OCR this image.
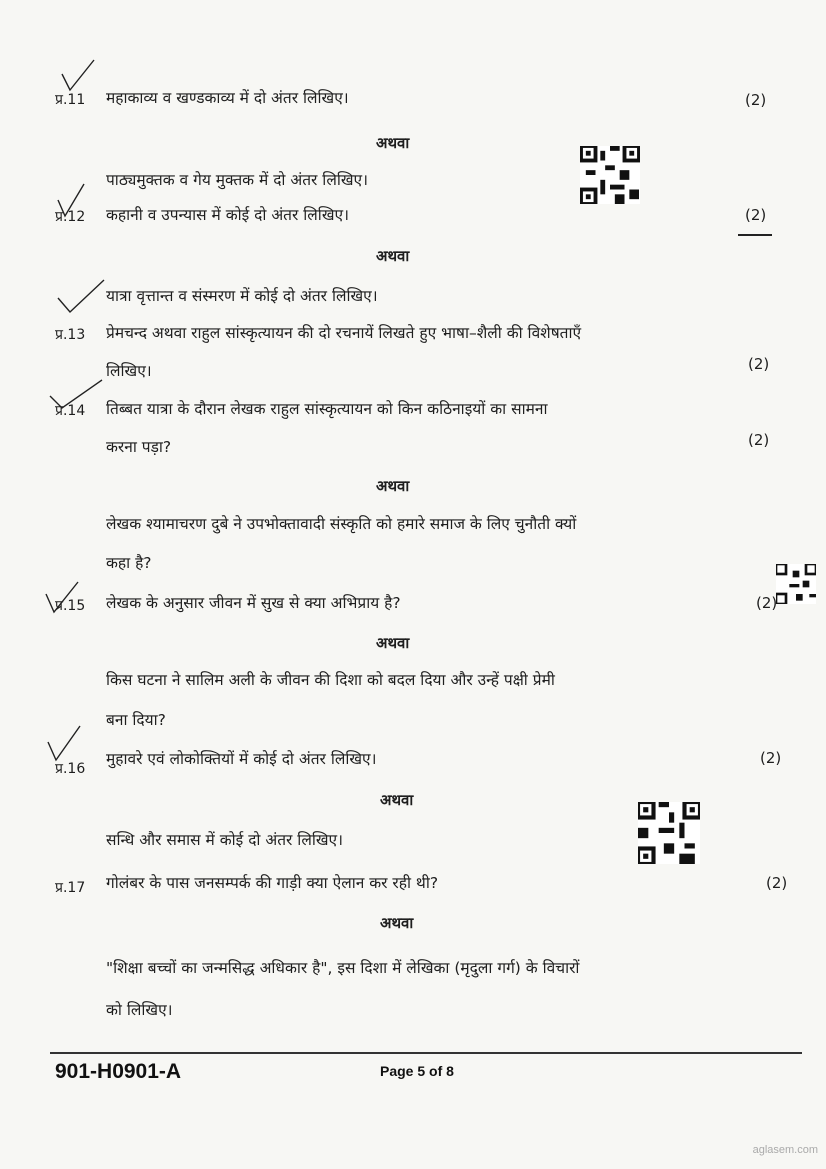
प्र.11 महाकाव्य व खण्डकाव्य में दो अंतर लिखिए।	(2)
अथवा
पाठ्यमुक्तक व गेय मुक्तक में दो अंतर लिखिए।
प्र.12 कहानी व उपन्यास में कोई दो अंतर लिखिए।	(2)
अथवा
यात्रा वृत्तान्त व संस्मरण में कोई दो अंतर लिखिए।
प्र.13 प्रेमचन्द अथवा राहुल सांस्कृत्यायन की दो रचनायें लिखते हुए भाषा–शैली की विशेषताएँ
लिखिए।	(2)
प्र.14 तिब्बत यात्रा के दौरान लेखक राहुल सांस्कृत्यायन को किन कठिनाइयों का सामना
करना पड़ा?	(2)
अथवा
लेखक श्यामाचरण दुबे ने उपभोक्तावादी संस्कृति को हमारे समाज के लिए चुनौती क्यों
कहा है?
प्र.15 लेखक के अनुसार जीवन में सुख से क्या अभिप्राय है?	(2)
अथवा
किस घटना ने सालिम अली के जीवन की दिशा को बदल दिया और उन्हें पक्षी प्रेमी
बना दिया?
प्र.16
मुहावरे एवं लोकोक्तियों में कोई दो अंतर लिखिए।	(2)
अथवा
सन्धि और समास में कोई दो अंतर लिखिए।
प्र.17 गोलंबर के पास जनसम्पर्क की गाड़ी क्या ऐलान कर रही थी?	(2)
अथवा
"शिक्षा बच्चों का जन्मसिद्ध अधिकार है", इस दिशा में लेखिका (मृदुला गर्ग) के विचारों
को लिखिए।
901-H0901-A	Page 5 of 8
aglasem.com
